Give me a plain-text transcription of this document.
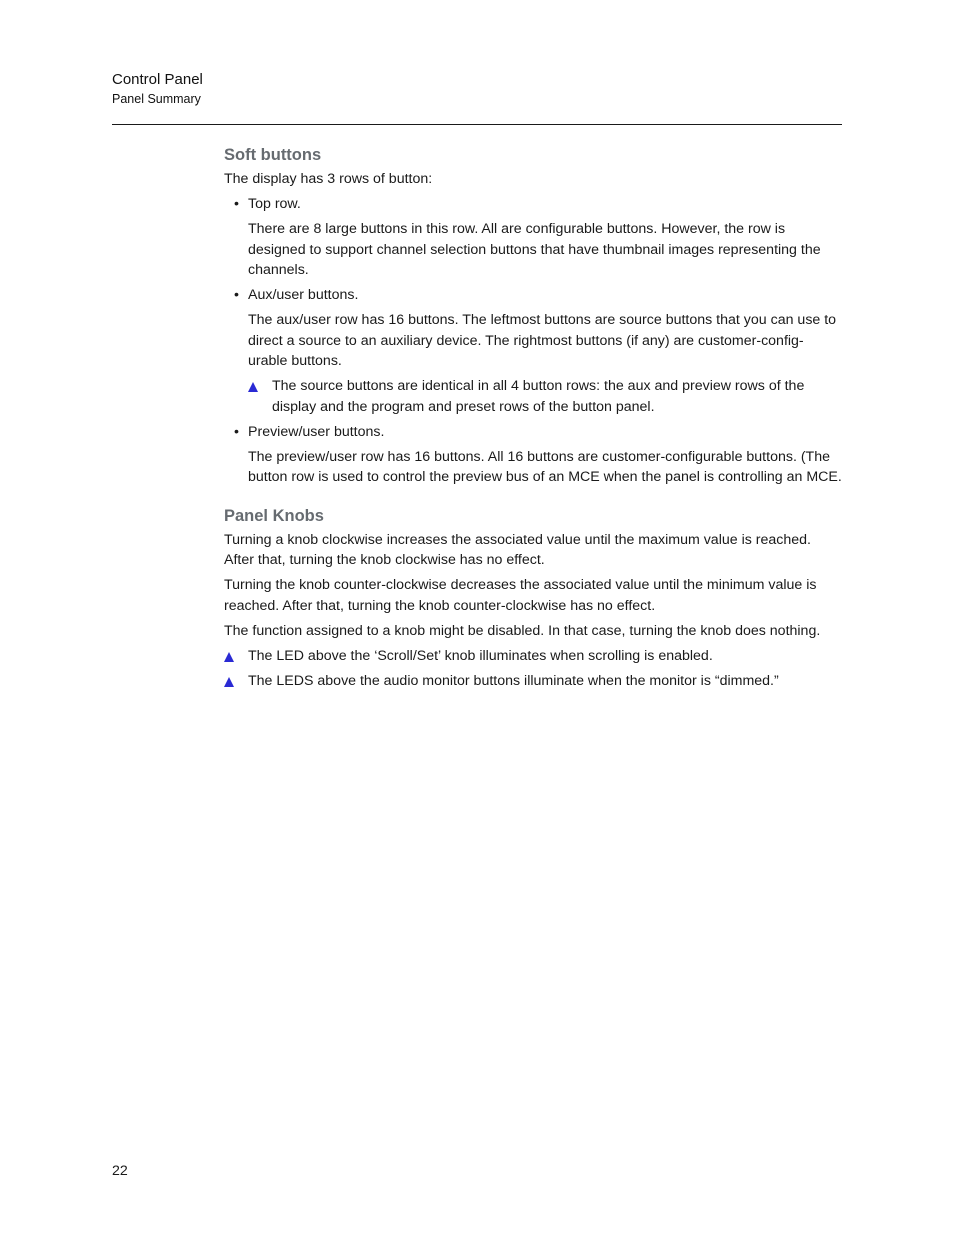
Control Panel
Panel Summary
Soft buttons

The display has 3 rows of button:

• Top row.

There are 8 large buttons in this row. All are configurable buttons. However, the row is designed to support channel selection buttons that have thumbnail images representing the channels.

• Aux/user buttons.

The aux/user row has 16 buttons. The leftmost buttons are source buttons that you can use to direct a source to an auxiliary device. The rightmost buttons (if any) are customer-config-urable buttons.

The source buttons are identical in all 4 button rows: the aux and preview rows of the display and the program and preset rows of the button panel.
• Preview/user buttons.

The preview/user row has 16 buttons. All 16 buttons are customer-configurable buttons. (The button row is used to control the preview bus of an MCE when the panel is controlling an MCE.

Panel Knobs

Turning a knob clockwise increases the associated value until the maximum value is reached. After that, turning the knob clockwise has no effect.

Turning the knob counter-clockwise decreases the associated value until the minimum value is reached. After that, turning the knob counter-clockwise has no effect.

The function assigned to a knob might be disabled. In that case, turning the knob does nothing.

The LED above the ‘Scroll/Set’ knob illuminates when scrolling is enabled.
The LEDS above the audio monitor buttons illuminate when the monitor is “dimmed.”
22
